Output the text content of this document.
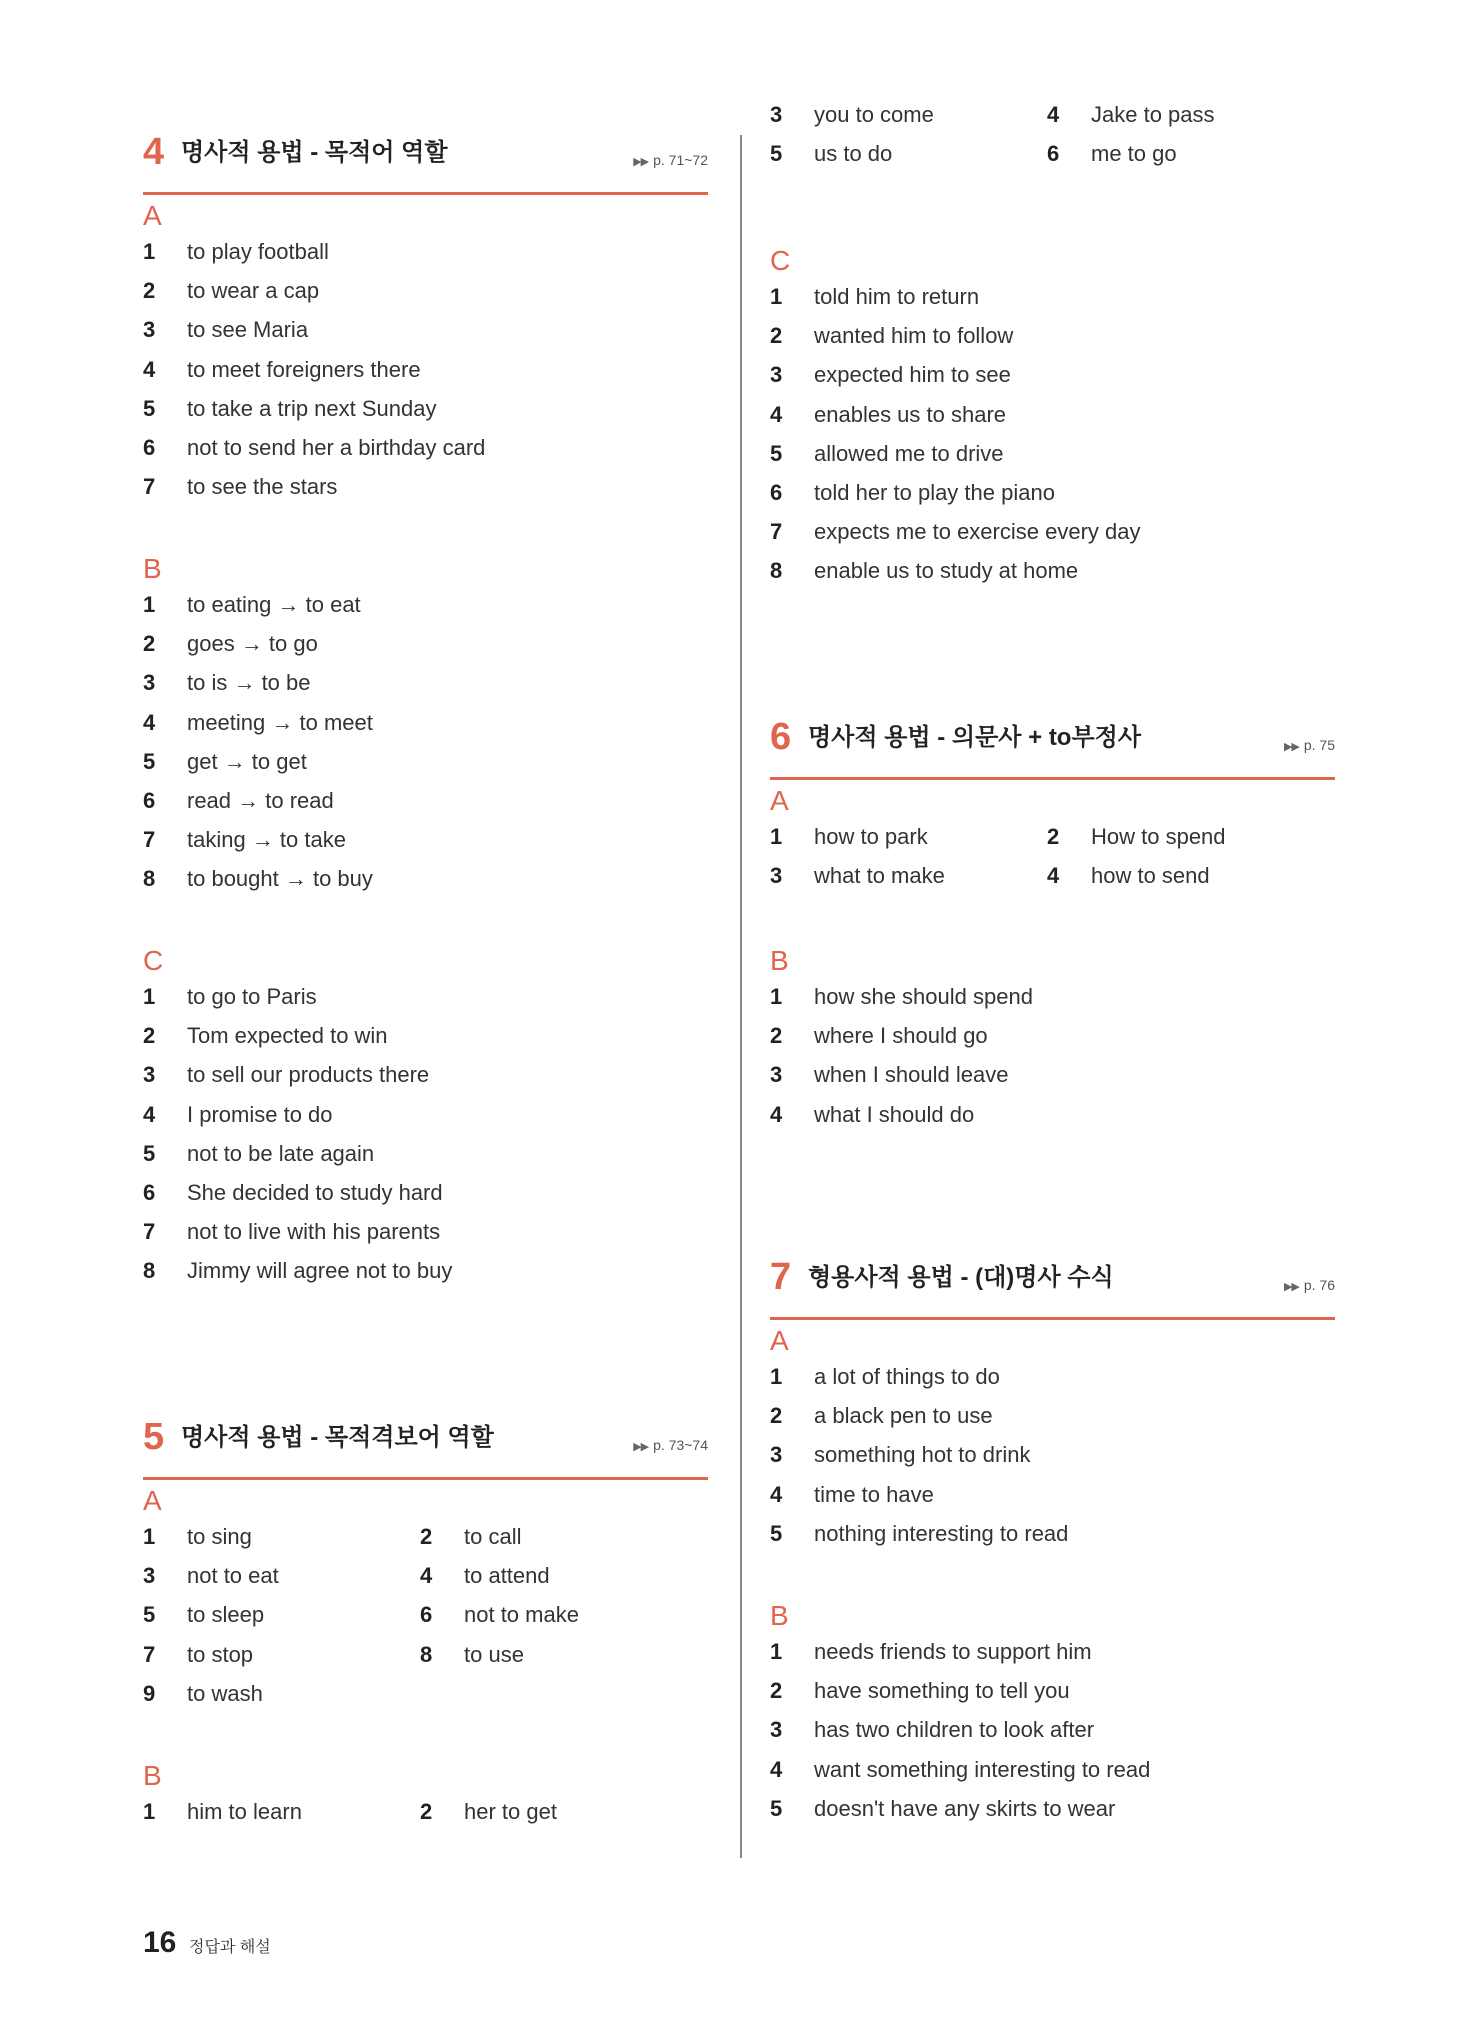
4 명사적 용법 - 목적어 역할	▶▶ p. 71~72
A
1 to play football
2 to wear a cap
3 to see Maria
4 to meet foreigners there
5 to take a trip next Sunday
6 not to send her a birthday card
7 to see the stars
B
1 to eating → to eat
2 goes → to go
3 to is → to be
4 meeting → to meet
5 get → to get
6 read → to read
7 taking → to take
8 to bought → to buy
C
1 to go to Paris
2 Tom expected to win
3 to sell our products there
4 I promise to do
5 not to be late again
6 She decided to study hard
7 not to live with his parents
8 Jimmy will agree not to buy
5 명사적 용법 - 목적격보어 역할	▶▶ p. 73~74
A
1 to sing	2 to call
3 not to eat	4 to attend
5 to sleep	6 not to make
7 to stop	8 to use
9 to wash
B
1 him to learn	2 her to get
3 you to come	4 Jake to pass
5 us to do	6 me to go
C
1 told him to return
2 wanted him to follow
3 expected him to see
4 enables us to share
5 allowed me to drive
6 told her to play the piano
7 expects me to exercise every day
8 enable us to study at home
6 명사적 용법 - 의문사 + to부정사	▶▶ p. 75
A
1 how to park	2 How to spend
3 what to make	4 how to send
B
1 how she should spend
2 where I should go
3 when I should leave
4 what I should do
7 형용사적 용법 - (대)명사 수식	▶▶ p. 76
A
1 a lot of things to do
2 a black pen to use
3 something hot to drink
4 time to have
5 nothing interesting to read
B
1 needs friends to support him
2 have something to tell you
3 has two children to look after
4 want something interesting to read
5 doesn't have any skirts to wear
16 정답과 해설
